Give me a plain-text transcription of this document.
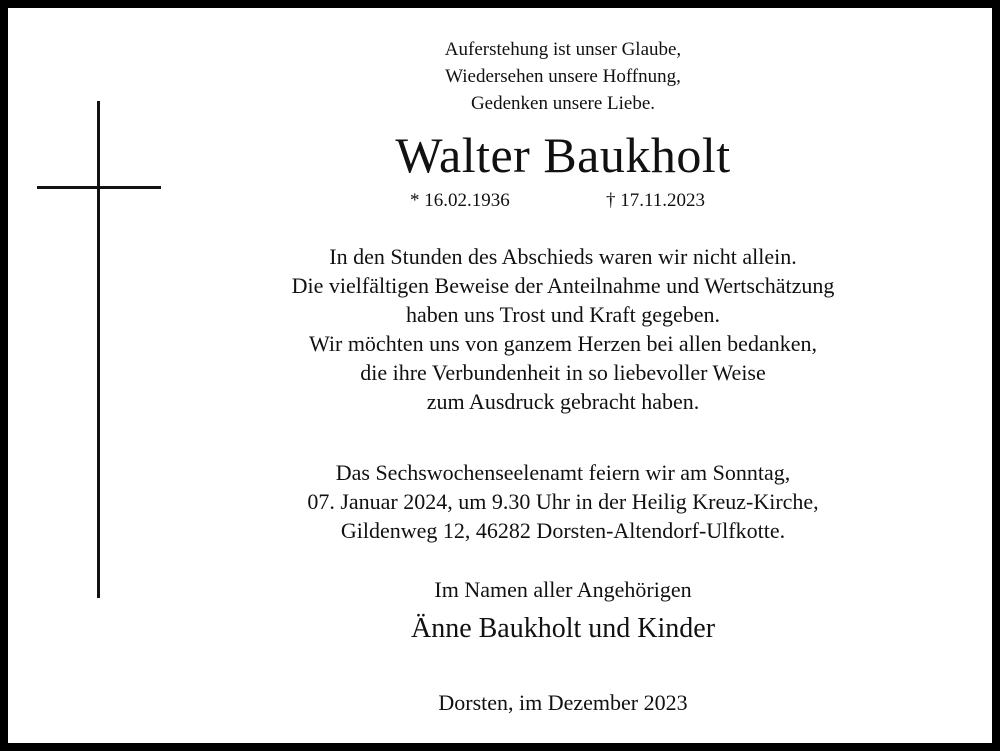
Auferstehung ist unser Glaube,
Wiedersehen unsere Hoffnung,
Gedenken unsere Liebe.
Walter Baukholt
* 16.02.1936	† 17.11.2023
In den Stunden des Abschieds waren wir nicht allein.
Die vielfältigen Beweise der Anteilnahme und Wertschätzung
haben uns Trost und Kraft gegeben.
Wir möchten uns von ganzem Herzen bei allen bedanken,
die ihre Verbundenheit in so liebevoller Weise
zum Ausdruck gebracht haben.
Das Sechswochenseelenamt feiern wir am Sonntag,
07. Januar 2024, um 9.30 Uhr in der Heilig Kreuz-Kirche,
Gildenweg 12, 46282 Dorsten-Altendorf-Ulfkotte.
Im Namen aller Angehörigen
Änne Baukholt und Kinder
Dorsten, im Dezember 2023
